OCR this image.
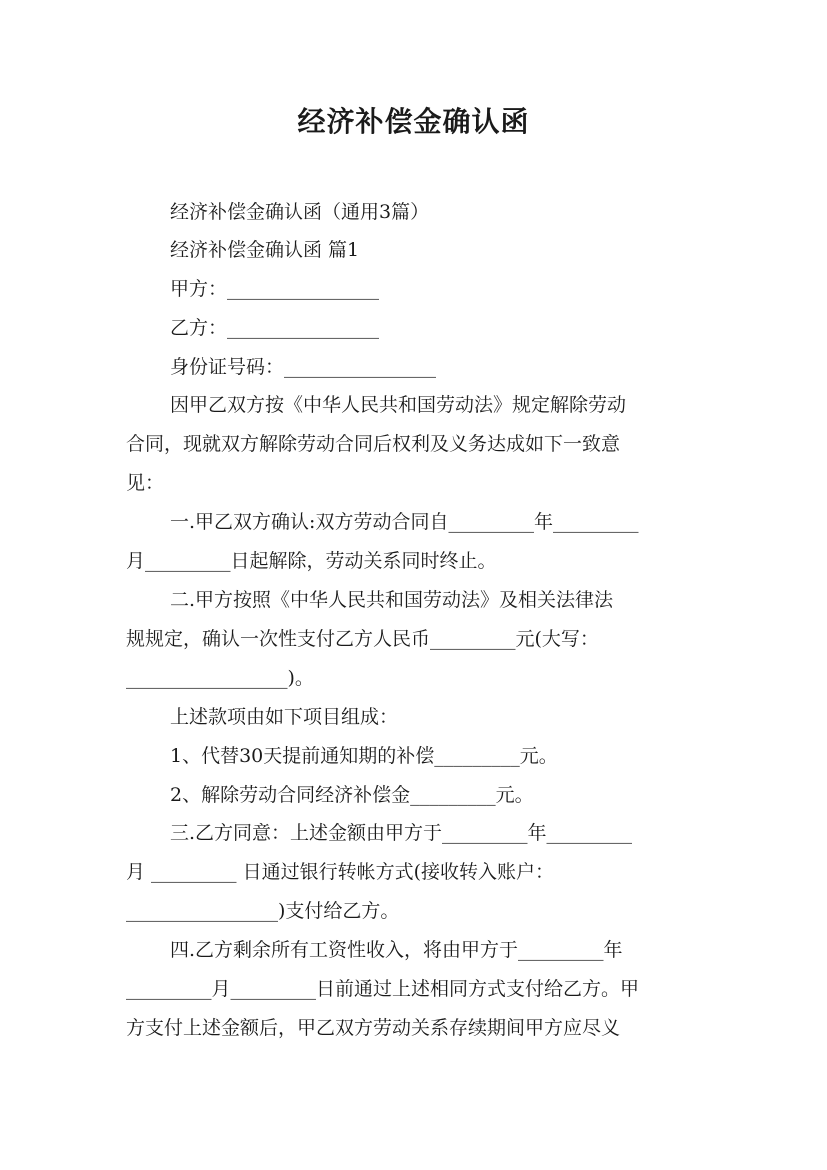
经济补偿金确认函

经济补偿金确认函（通用3篇）

经济补偿金确认函 篇1

甲方：________________

乙方：________________

身份证号码：________________

因甲乙双方按《中华人民共和国劳动法》规定解除劳动

合同，现就双方解除劳动合同后权利及义务达成如下一致意

见：

一.甲乙双方确认:双方劳动合同自_________年_________

月_________日起解除，劳动关系同时终止。

二.甲方按照《中华人民共和国劳动法》及相关法律法

规规定，确认一次性支付乙方人民币_________元(大写：

_________________)。

上述款项由如下项目组成：

1、代替30天提前通知期的补偿_________元。

2、解除劳动合同经济补偿金_________元。

三.乙方同意：上述金额由甲方于_________年_________

月 _________ 日通过银行转帐方式(接收转入账户：

________________)支付给乙方。

四.乙方剩余所有工资性收入，将由甲方于_________年

_________月_________日前通过上述相同方式支付给乙方。甲

方支付上述金额后，甲乙双方劳动关系存续期间甲方应尽义
